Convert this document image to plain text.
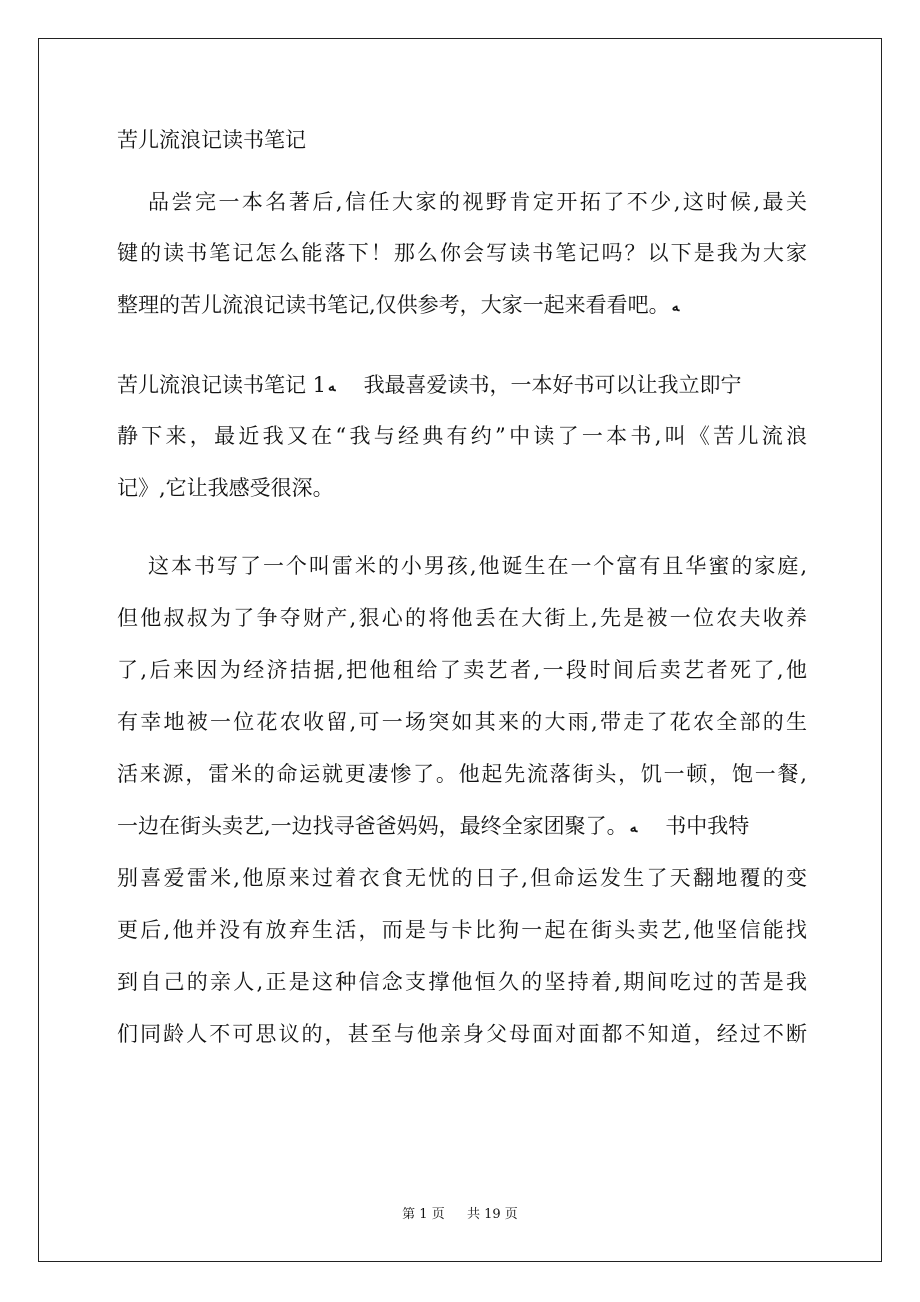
苦儿流浪记读书笔记
品尝完一本名著后,信任大家的视野肯定开拓了不少,这时候,最关
键的读书笔记怎么能落下！那么你会写读书笔记吗？以下是我为大家
整理的苦儿流浪记读书笔记,仅供参考，大家一起来看看吧。 ﻪ
苦儿流浪记读书笔记 1 ﻪ 我最喜爱读书，一本好书可以让我立即宁
静下来，最近我又在“我与经典有约”中读了一本书,叫《苦儿流浪
记》,它让我感受很深。
这本书写了一个叫雷米的小男孩,他诞生在一个富有且华蜜的家庭,
但他叔叔为了争夺财产,狠心的将他丢在大街上,先是被一位农夫收养
了,后来因为经济拮据,把他租给了卖艺者,一段时间后卖艺者死了,他
有幸地被一位花农收留,可一场突如其来的大雨,带走了花农全部的生
活来源，雷米的命运就更凄惨了。他起先流落街头，饥一顿，饱一餐,
一边在街头卖艺,一边找寻爸爸妈妈，最终全家团聚了。 ﻪ 书中我特
别喜爱雷米,他原来过着衣食无忧的日子,但命运发生了天翻地覆的变
更后,他并没有放弃生活，而是与卡比狗一起在街头卖艺,他坚信能找
到自己的亲人,正是这种信念支撑他恒久的坚持着,期间吃过的苦是我
们同龄人不可思议的，甚至与他亲身父母面对面都不知道，经过不断
第 1 页 共 19 页
